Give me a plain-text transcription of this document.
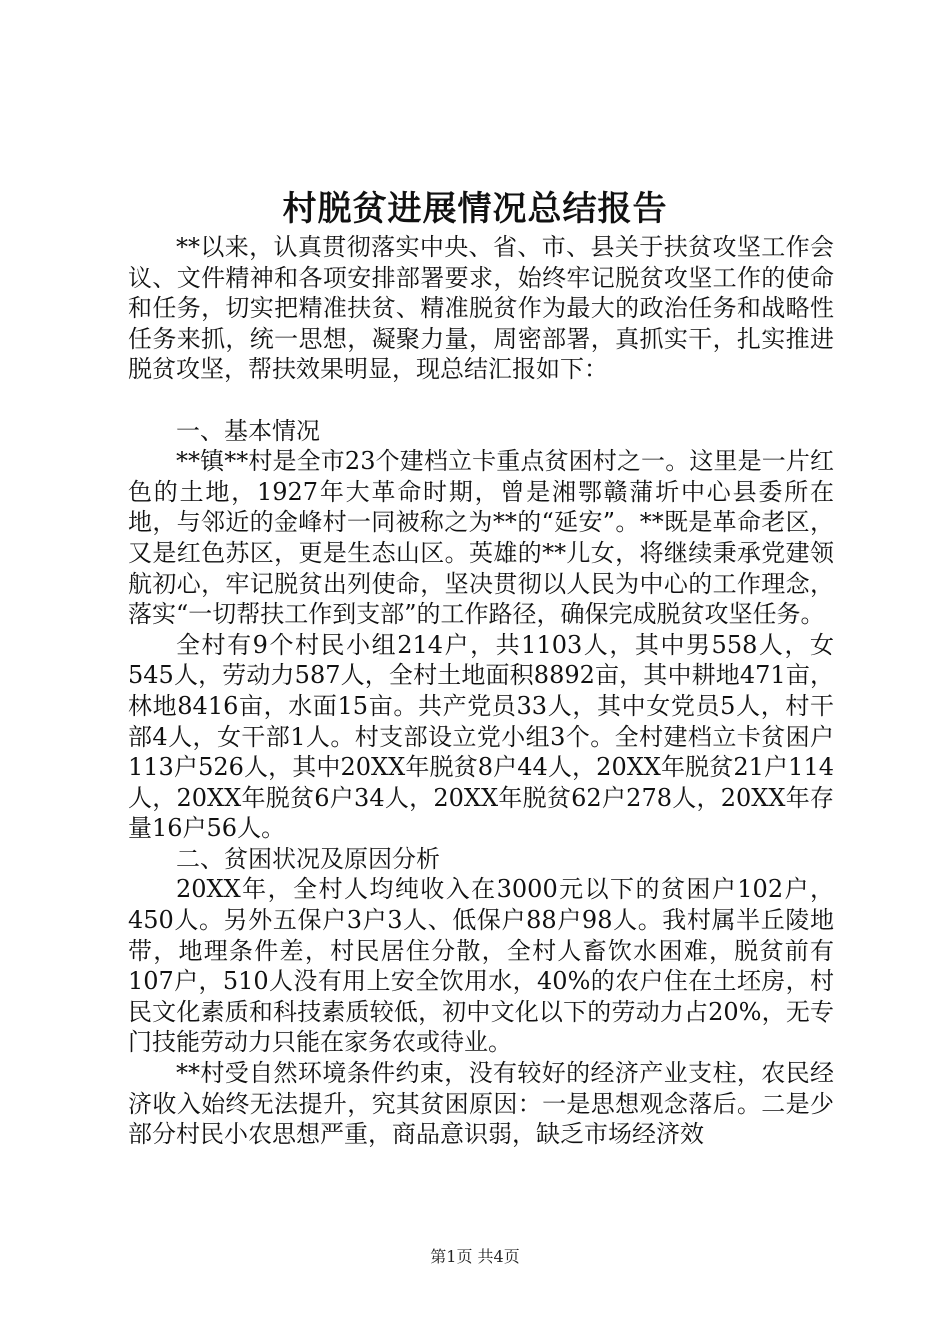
村脱贫进展情况总结报告

**以来，认真贯彻落实中央、省、市、县关于扶贫攻坚工作会议、文件精神和各项安排部署要求，始终牢记脱贫攻坚工作的使命和任务，切实把精准扶贫、精准脱贫作为最大的政治任务和战略性任务来抓，统一思想，凝聚力量，周密部署，真抓实干，扎实推进脱贫攻坚，帮扶效果明显，现总结汇报如下：

一、基本情况

**镇**村是全市23个建档立卡重点贫困村之一。这里是一片红色的土地，1927年大革命时期，曾是湘鄂赣蒲圻中心县委所在地，与邻近的金峰村一同被称之为**的“延安”。**既是革命老区，又是红色苏区，更是生态山区。英雄的**儿女，将继续秉承党建领航初心，牢记脱贫出列使命，坚决贯彻以人民为中心的工作理念，落实“一切帮扶工作到支部”的工作路径，确保完成脱贫攻坚任务。

全村有9个村民小组214户，共1103人，其中男558人，女545人，劳动力587人，全村土地面积8892亩，其中耕地471亩，林地8416亩，水面15亩。共产党员33人，其中女党员5人，村干部4人，女干部1人。村支部设立党小组3个。全村建档立卡贫困户113户526人，其中20XX年脱贫8户44人，20XX年脱贫21户114人，20XX年脱贫6户34人，20XX年脱贫62户278人，20XX年存量16户56人。

二、贫困状况及原因分析

20XX年，全村人均纯收入在3000元以下的贫困户102户，450人。另外五保户3户3人、低保户88户98人。我村属半丘陵地带，地理条件差，村民居住分散，全村人畜饮水困难，脱贫前有107户，510人没有用上安全饮用水，40%的农户住在土坯房，村民文化素质和科技素质较低，初中文化以下的劳动力占20%，无专门技能劳动力只能在家务农或待业。

**村受自然环境条件约束，没有较好的经济产业支柱，农民经济收入始终无法提升，究其贫困原因：一是思想观念落后。二是少部分村民小农思想严重，商品意识弱，缺乏市场经济效

第1页 共4页
